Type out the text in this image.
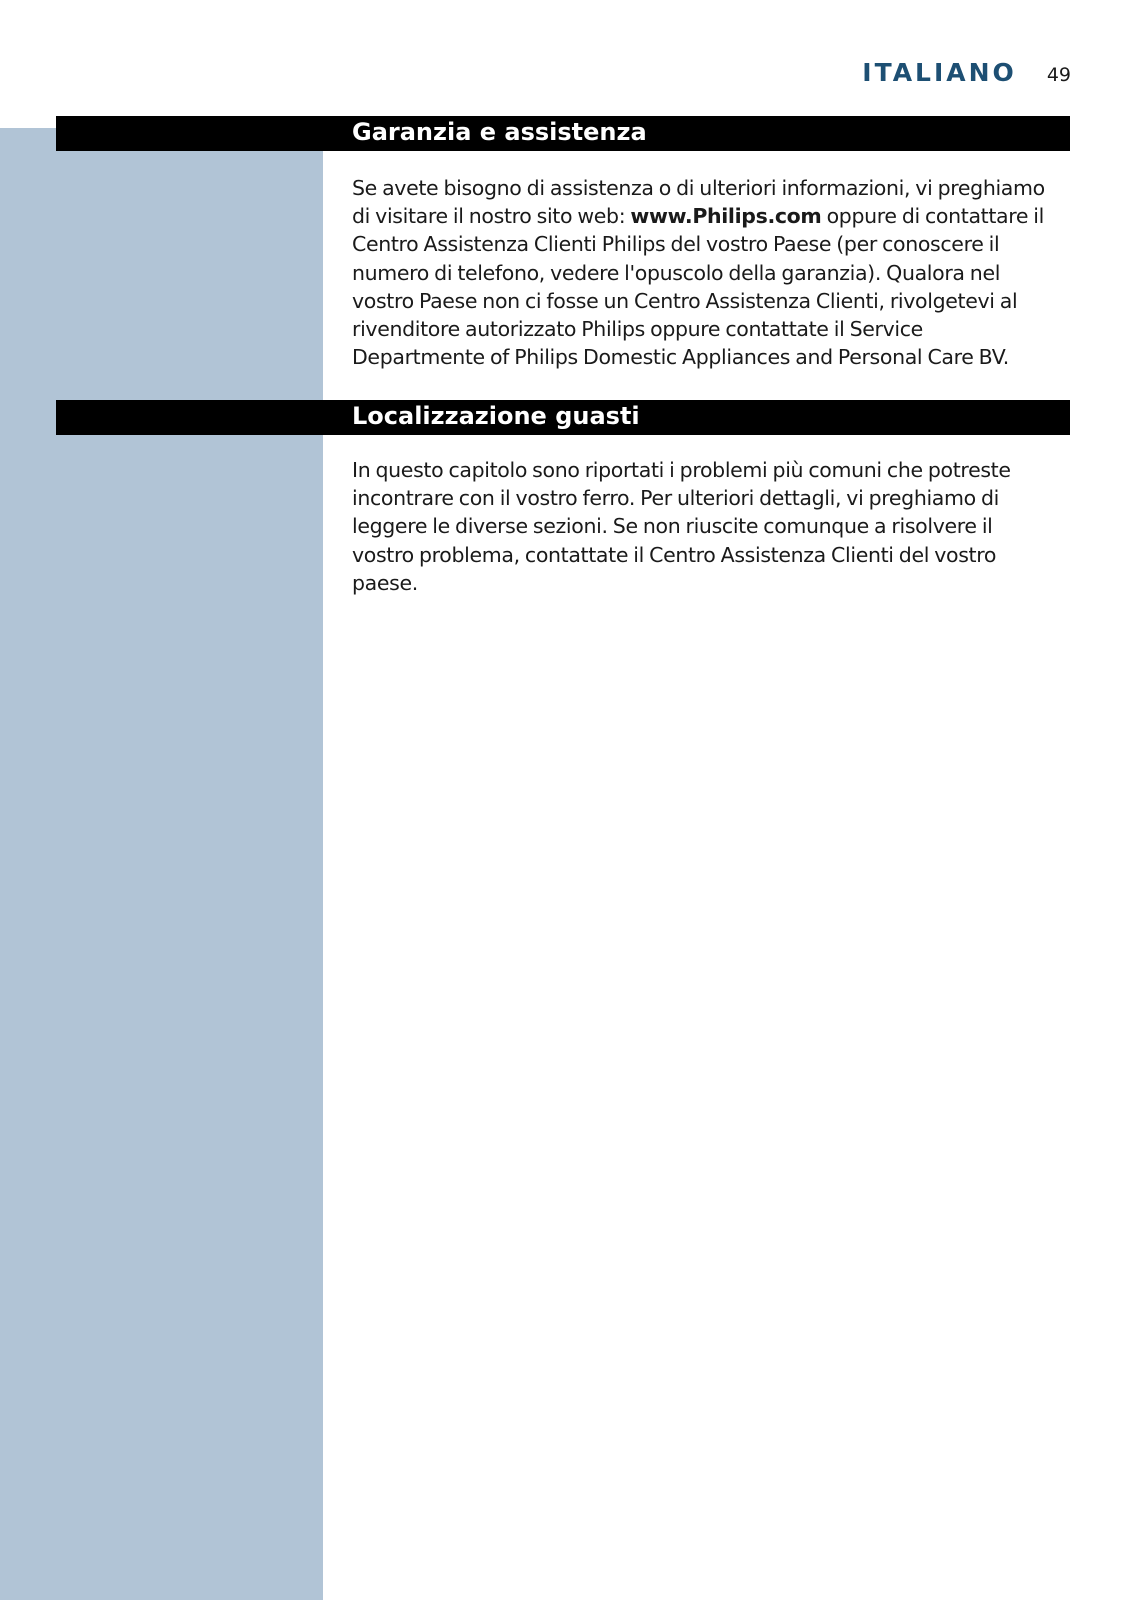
ITALIANO 49
Garanzia e assistenza
Se avete bisogno di assistenza o di ulteriori informazioni, vi preghiamo
di visitare il nostro sito web: www.Philips.com oppure di contattare il
Centro Assistenza Clienti Philips del vostro Paese (per conoscere il
numero di telefono, vedere l'opuscolo della garanzia). Qualora nel
vostro Paese non ci fosse un Centro Assistenza Clienti, rivolgetevi al
rivenditore autorizzato Philips oppure contattate il Service
Departmente of Philips Domestic Appliances and Personal Care BV.
Localizzazione guasti
In questo capitolo sono riportati i problemi più comuni che potreste
incontrare con il vostro ferro. Per ulteriori dettagli, vi preghiamo di
leggere le diverse sezioni. Se non riuscite comunque a risolvere il
vostro problema, contattate il Centro Assistenza Clienti del vostro
paese.
